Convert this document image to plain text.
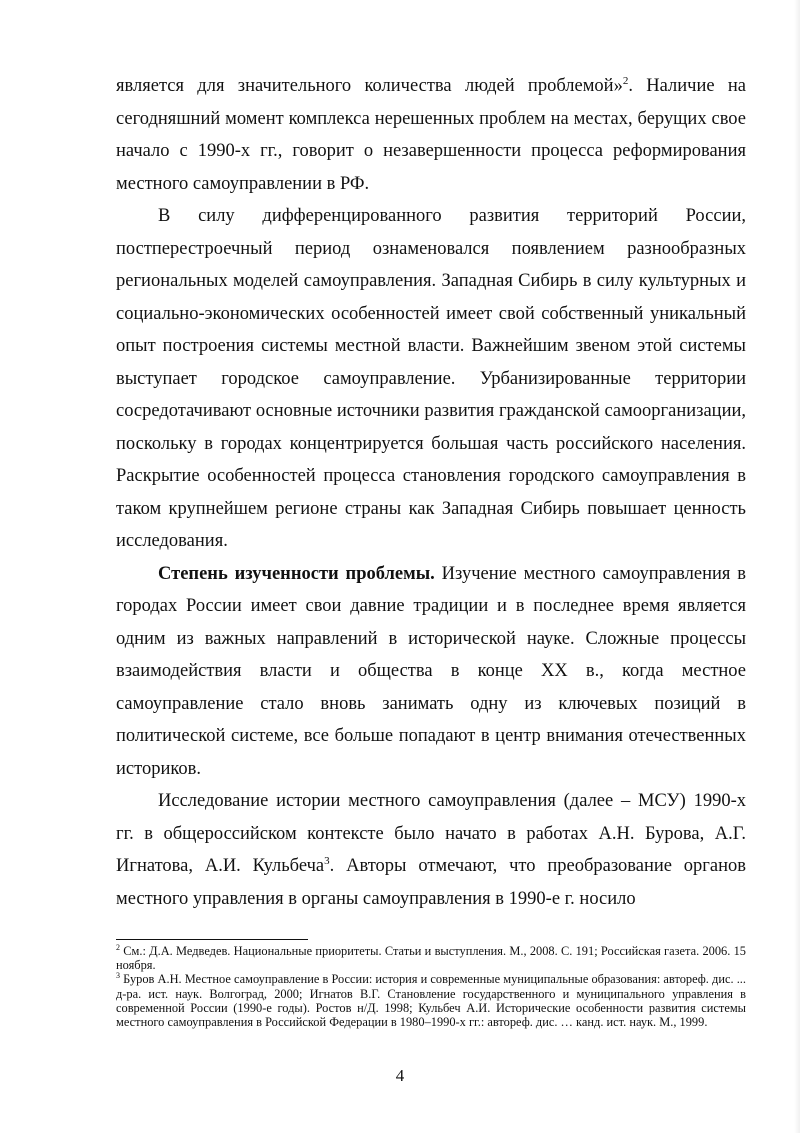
является для значительного количества людей проблемой»$^2$. Наличие на сегодняшний момент комплекса нерешенных проблем на местах, берущих свое начало с 1990-х гг., говорит о незавершенности процесса реформирования местного самоуправлении в РФ.

В силу дифференцированного развития территорий России, постперестроечный период ознаменовался появлением разнообразных региональных моделей самоуправления. Западная Сибирь в силу культурных и социально-экономических особенностей имеет свой собственный уникальный опыт построения системы местной власти. Важнейшим звеном этой системы выступает городское самоуправление. Урбанизированные территории сосредотачивают основные источники развития гражданской самоорганизации, поскольку в городах концентрируется большая часть российского населения. Раскрытие особенностей процесса становления городского самоуправления в таком крупнейшем регионе страны как Западная Сибирь повышает ценность исследования.

Степень изученности проблемы. Изучение местного самоуправления в городах России имеет свои давние традиции и в последнее время является одним из важных направлений в исторической науке. Сложные процессы взаимодействия власти и общества в конце XX в., когда местное самоуправление стало вновь занимать одну из ключевых позиций в политической системе, все больше попадают в центр внимания отечественных историков.

Исследование истории местного самоуправления (далее – МСУ) 1990-х гг. в общероссийском контексте было начато в работах А.Н. Бурова, А.Г. Игнатова, А.И. Кульбеча$^3$. Авторы отмечают, что преобразование органов местного управления в органы самоуправления в 1990-е г. носило

$^2$ См.: Д.А. Медведев. Национальные приоритеты. Статьи и выступления. М., 2008. С. 191; Российская газета. 2006. 15 ноября.

$^3$ Буров А.Н. Местное самоуправление в России: история и современные муниципальные образования: автореф. дис. ... д-ра. ист. наук. Волгоград, 2000; Игнатов В.Г. Становление государственного и муниципального управления в современной России (1990-е годы). Ростов н/Д. 1998; Кульбеч А.И. Исторические особенности развития системы местного самоуправления в Российской Федерации в 1980–1990-х гг.: автореф. дис. … канд. ист. наук. М., 1999.

4
